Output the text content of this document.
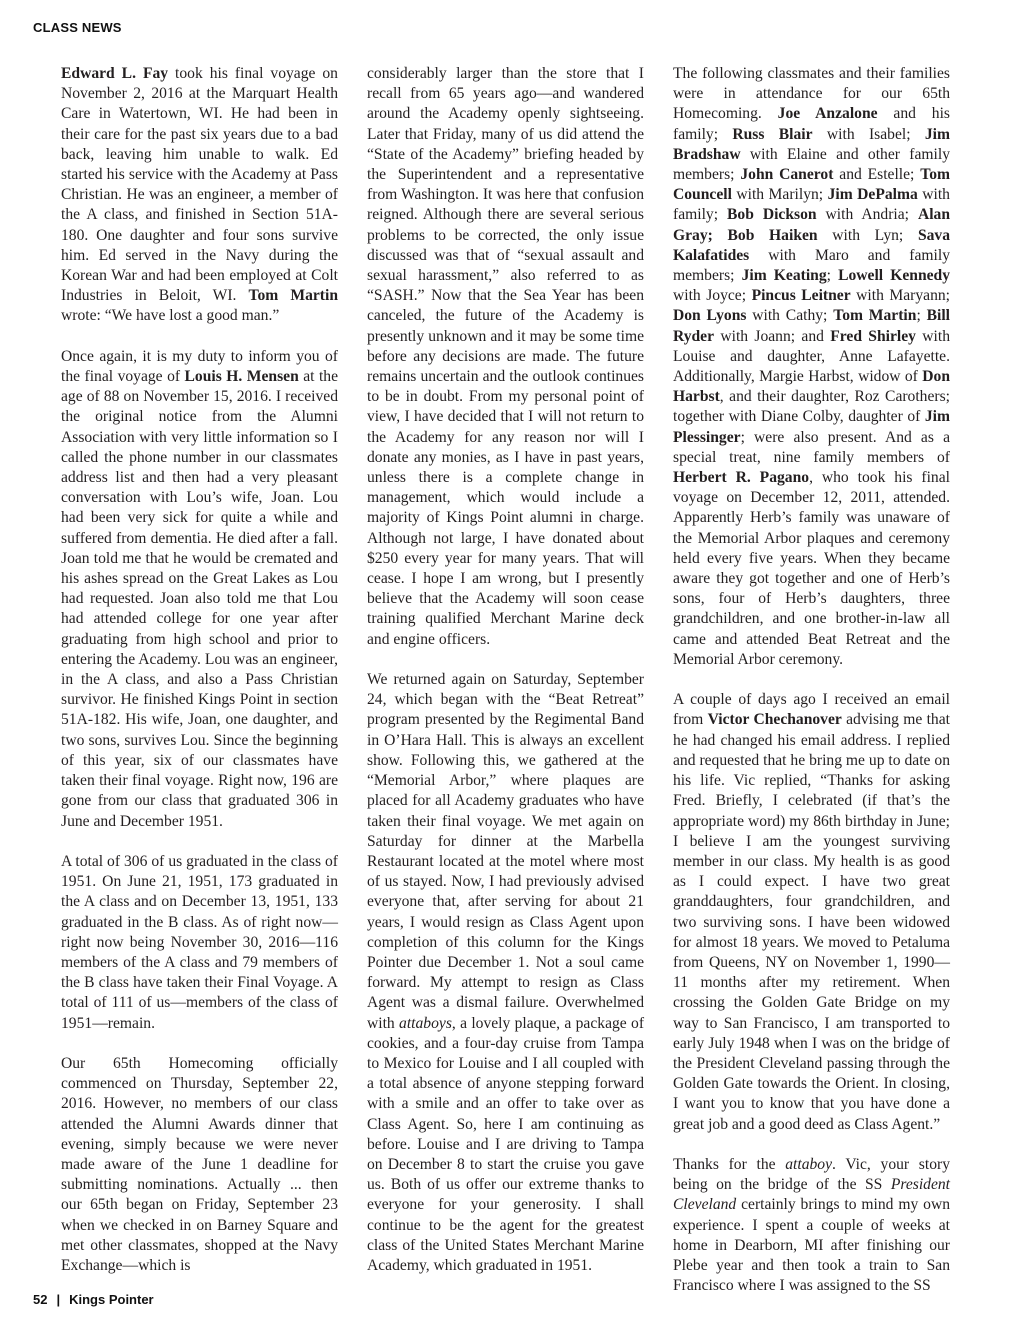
CLASS NEWS

Edward L. Fay took his final voyage on November 2, 2016 at the Marquart Health Care in Watertown, WI. He had been in their care for the past six years due to a bad back, leaving him unable to walk. Ed started his service with the Academy at Pass Christian. He was an engineer, a member of the A class, and finished in Section 51A-180. One daughter and four sons survive him. Ed served in the Navy during the Korean War and had been employed at Colt Industries in Beloit, WI. Tom Martin wrote: “We have lost a good man.”

Once again, it is my duty to inform you of the final voyage of Louis H. Mensen at the age of 88 on November 15, 2016. I received the original notice from the Alumni Association with very little information so I called the phone number in our classmates address list and then had a very pleasant conversation with Lou’s wife, Joan. Lou had been very sick for quite a while and suffered from dementia. He died after a fall. Joan told me that he would be cremated and his ashes spread on the Great Lakes as Lou had requested. Joan also told me that Lou had attended college for one year after graduating from high school and prior to entering the Academy. Lou was an engineer, in the A class, and also a Pass Christian survivor. He finished Kings Point in section 51A-182. His wife, Joan, one daughter, and two sons, survives Lou. Since the beginning of this year, six of our classmates have taken their final voyage. Right now, 196 are gone from our class that graduated 306 in June and December 1951.

A total of 306 of us graduated in the class of 1951. On June 21, 1951, 173 graduated in the A class and on December 13, 1951, 133 graduated in the B class. As of right now—right now being November 30, 2016—116 members of the A class and 79 members of the B class have taken their Final Voyage. A total of 111 of us—members of the class of 1951—remain.

Our 65th Homecoming officially commenced on Thursday, September 22, 2016. However, no members of our class attended the Alumni Awards dinner that evening, simply because we were never made aware of the June 1 deadline for submitting nominations. Actually ... then our 65th began on Friday, September 23 when we checked in on Barney Square and met other classmates, shopped at the Navy Exchange—which is

considerably larger than the store that I recall from 65 years ago—and wandered around the Academy openly sightseeing. Later that Friday, many of us did attend the “State of the Academy” briefing headed by the Superintendent and a representative from Washington. It was here that confusion reigned. Although there are several serious problems to be corrected, the only issue discussed was that of “sexual assault and sexual harassment,” also referred to as “SASH.” Now that the Sea Year has been canceled, the future of the Academy is presently unknown and it may be some time before any decisions are made. The future remains uncertain and the outlook continues to be in doubt. From my personal point of view, I have decided that I will not return to the Academy for any reason nor will I donate any monies, as I have in past years, unless there is a complete change in management, which would include a majority of Kings Point alumni in charge. Although not large, I have donated about $250 every year for many years. That will cease. I hope I am wrong, but I presently believe that the Academy will soon cease training qualified Merchant Marine deck and engine officers.

We returned again on Saturday, September 24, which began with the “Beat Retreat” program presented by the Regimental Band in O’Hara Hall. This is always an excellent show. Following this, we gathered at the “Memorial Arbor,” where plaques are placed for all Academy graduates who have taken their final voyage. We met again on Saturday for dinner at the Marbella Restaurant located at the motel where most of us stayed. Now, I had previously advised everyone that, after serving for about 21 years, I would resign as Class Agent upon completion of this column for the Kings Pointer due December 1. Not a soul came forward. My attempt to resign as Class Agent was a dismal failure. Overwhelmed with attaboys, a lovely plaque, a package of cookies, and a four-day cruise from Tampa to Mexico for Louise and I all coupled with a total absence of anyone stepping forward with a smile and an offer to take over as Class Agent. So, here I am continuing as before. Louise and I are driving to Tampa on December 8 to start the cruise you gave us. Both of us offer our extreme thanks to everyone for your generosity. I shall continue to be the agent for the greatest class of the United States Merchant Marine Academy, which graduated in 1951.

The following classmates and their families were in attendance for our 65th Homecoming. Joe Anzalone and his family; Russ Blair with Isabel; Jim Bradshaw with Elaine and other family members; John Canerot and Estelle; Tom Councell with Marilyn; Jim DePalma with family; Bob Dickson with Andria; Alan Gray; Bob Haiken with Lyn; Sava Kalafatides with Maro and family members; Jim Keating; Lowell Kennedy with Joyce; Pincus Leitner with Maryann; Don Lyons with Cathy; Tom Martin; Bill Ryder with Joann; and Fred Shirley with Louise and daughter, Anne Lafayette. Additionally, Margie Harbst, widow of Don Harbst, and their daughter, Roz Carothers; together with Diane Colby, daughter of Jim Plessinger; were also present. And as a special treat, nine family members of Herbert R. Pagano, who took his final voyage on December 12, 2011, attended. Apparently Herb’s family was unaware of the Memorial Arbor plaques and ceremony held every five years. When they became aware they got together and one of Herb’s sons, four of Herb’s daughters, three grandchildren, and one brother-in-law all came and attended Beat Retreat and the Memorial Arbor ceremony.

A couple of days ago I received an email from Victor Chechanover advising me that he had changed his email address. I replied and requested that he bring me up to date on his life. Vic replied, “Thanks for asking Fred. Briefly, I celebrated (if that’s the appropriate word) my 86th birthday in June; I believe I am the youngest surviving member in our class. My health is as good as I could expect. I have two great granddaughters, four grandchildren, and two surviving sons. I have been widowed for almost 18 years. We moved to Petaluma from Queens, NY on November 1, 1990—11 months after my retirement. When crossing the Golden Gate Bridge on my way to San Francisco, I am transported to early July 1948 when I was on the bridge of the President Cleveland passing through the Golden Gate towards the Orient. In closing, I want you to know that you have done a great job and a good deed as Class Agent.”

Thanks for the attaboy. Vic, your story being on the bridge of the SS President Cleveland certainly brings to mind my own experience. I spent a couple of weeks at home in Dearborn, MI after finishing our Plebe year and then took a train to San Francisco where I was assigned to the SS

52 | Kings Pointer
